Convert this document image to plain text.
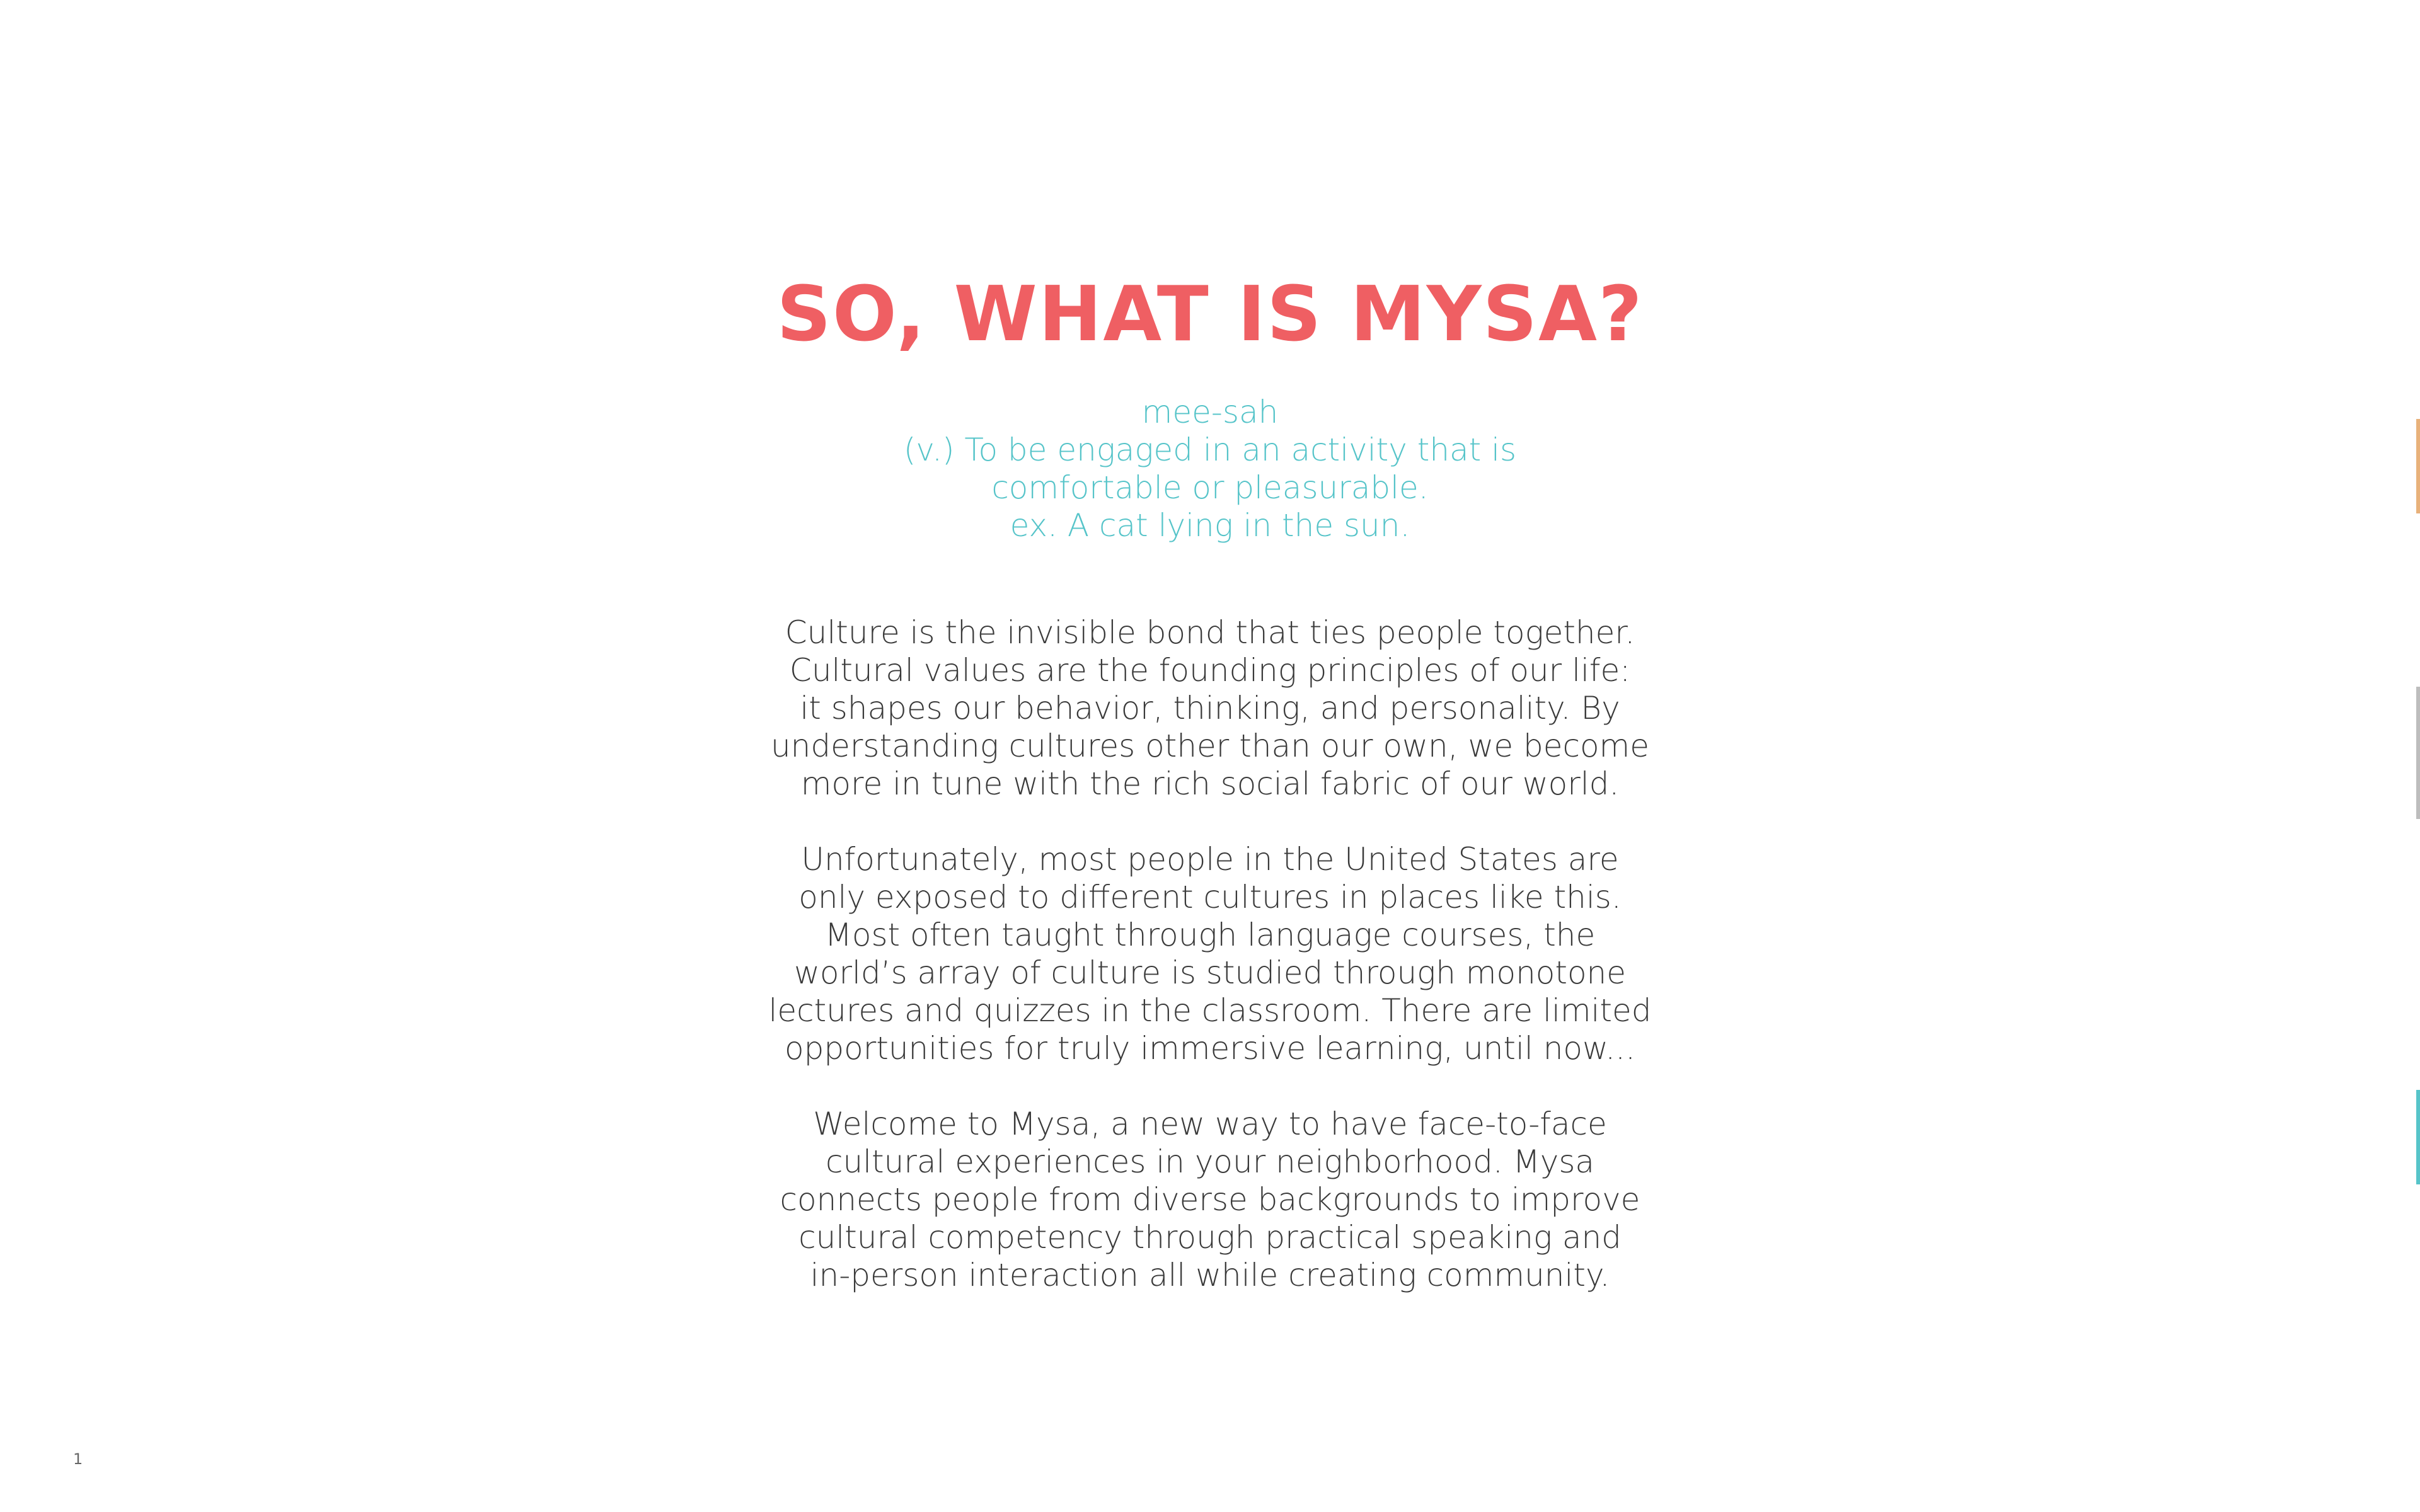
SO, WHAT IS MYSA?
mee-sah
(v.) To be engaged in an activity that is
comfortable or pleasurable.
ex. A cat lying in the sun.
Culture is the invisible bond that ties people together.
Cultural values are the founding principles of our life:
it shapes our behavior, thinking, and personality. By
understanding cultures other than our own, we become
more in tune with the rich social fabric of our world.
Unfortunately, most people in the United States are
only exposed to different cultures in places like this.
Most often taught through language courses, the
world’s array of culture is studied through monotone
lectures and quizzes in the classroom. There are limited
opportunities for truly immersive learning, until now...
Welcome to Mysa, a new way to have face-to-face
cultural experiences in your neighborhood. Mysa
connects people from diverse backgrounds to improve
cultural competency through practical speaking and
in-person interaction all while creating community.
1
